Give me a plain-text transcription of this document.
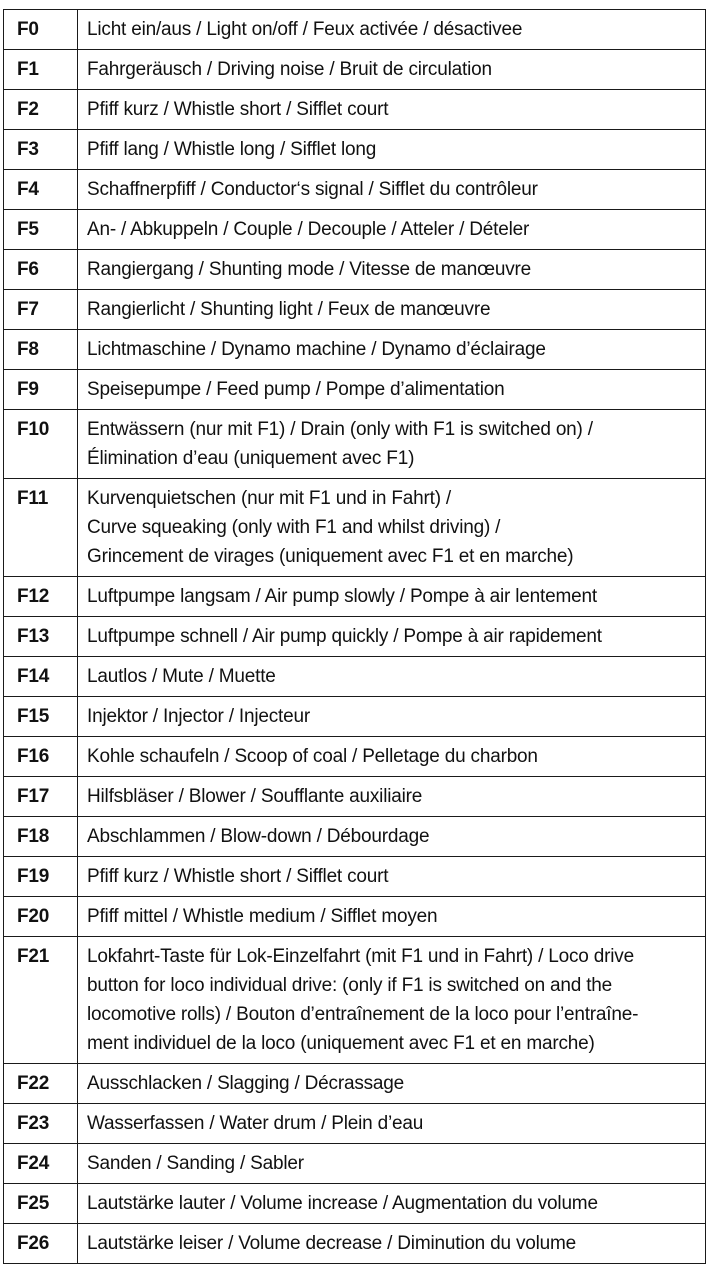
F0	Licht ein/aus / Light on/off / Feux activée / désactivee
F1	Fahrgeräusch / Driving noise / Bruit de circulation
F2	Pfiff kurz / Whistle short / Sifflet court
F3	Pfiff lang / Whistle long / Sifflet long
F4	Schaffnerpfiff / Conductor‘s signal / Sifflet du contrôleur
F5	An- / Abkuppeln / Couple / Decouple / Atteler / Dételer
F6	Rangiergang / Shunting mode / Vitesse de manœuvre
F7	Rangierlicht / Shunting light / Feux de manœuvre
F8	Lichtmaschine / Dynamo machine / Dynamo d’éclairage
F9	Speisepumpe / Feed pump / Pompe d’alimentation
F10	Entwässern (nur mit F1) / Drain (only with F1 is switched on) /
Élimination d’eau (uniquement avec F1)
F11	Kurvenquietschen (nur mit F1 und in Fahrt) /
Curve squeaking (only with F1 and whilst driving) /
Grincement de virages (uniquement avec F1 et en marche)
F12	Luftpumpe langsam / Air pump slowly / Pompe à air lentement
F13	Luftpumpe schnell / Air pump quickly / Pompe à air rapidement
F14	Lautlos / Mute / Muette
F15	Injektor / Injector / Injecteur
F16	Kohle schaufeln / Scoop of coal / Pelletage du charbon
F17	Hilfsbläser / Blower / Soufflante auxiliaire
F18	Abschlammen / Blow-down / Débourdage
F19	Pfiff kurz / Whistle short / Sifflet court
F20	Pfiff mittel / Whistle medium / Sifflet moyen
F21	Lokfahrt-Taste für Lok-Einzelfahrt (mit F1 und in Fahrt) / Loco drive
button for loco individual drive: (only if F1 is switched on and the
locomotive rolls) / Bouton d’entraînement de la loco pour l’entraîne-
ment individuel de la loco (uniquement avec F1 et en marche)
F22	Ausschlacken / Slagging / Décrassage
F23	Wasserfassen / Water drum / Plein d’eau
F24	Sanden / Sanding / Sabler
F25	Lautstärke lauter / Volume increase / Augmentation du volume
F26	Lautstärke leiser / Volume decrease / Diminution du volume
